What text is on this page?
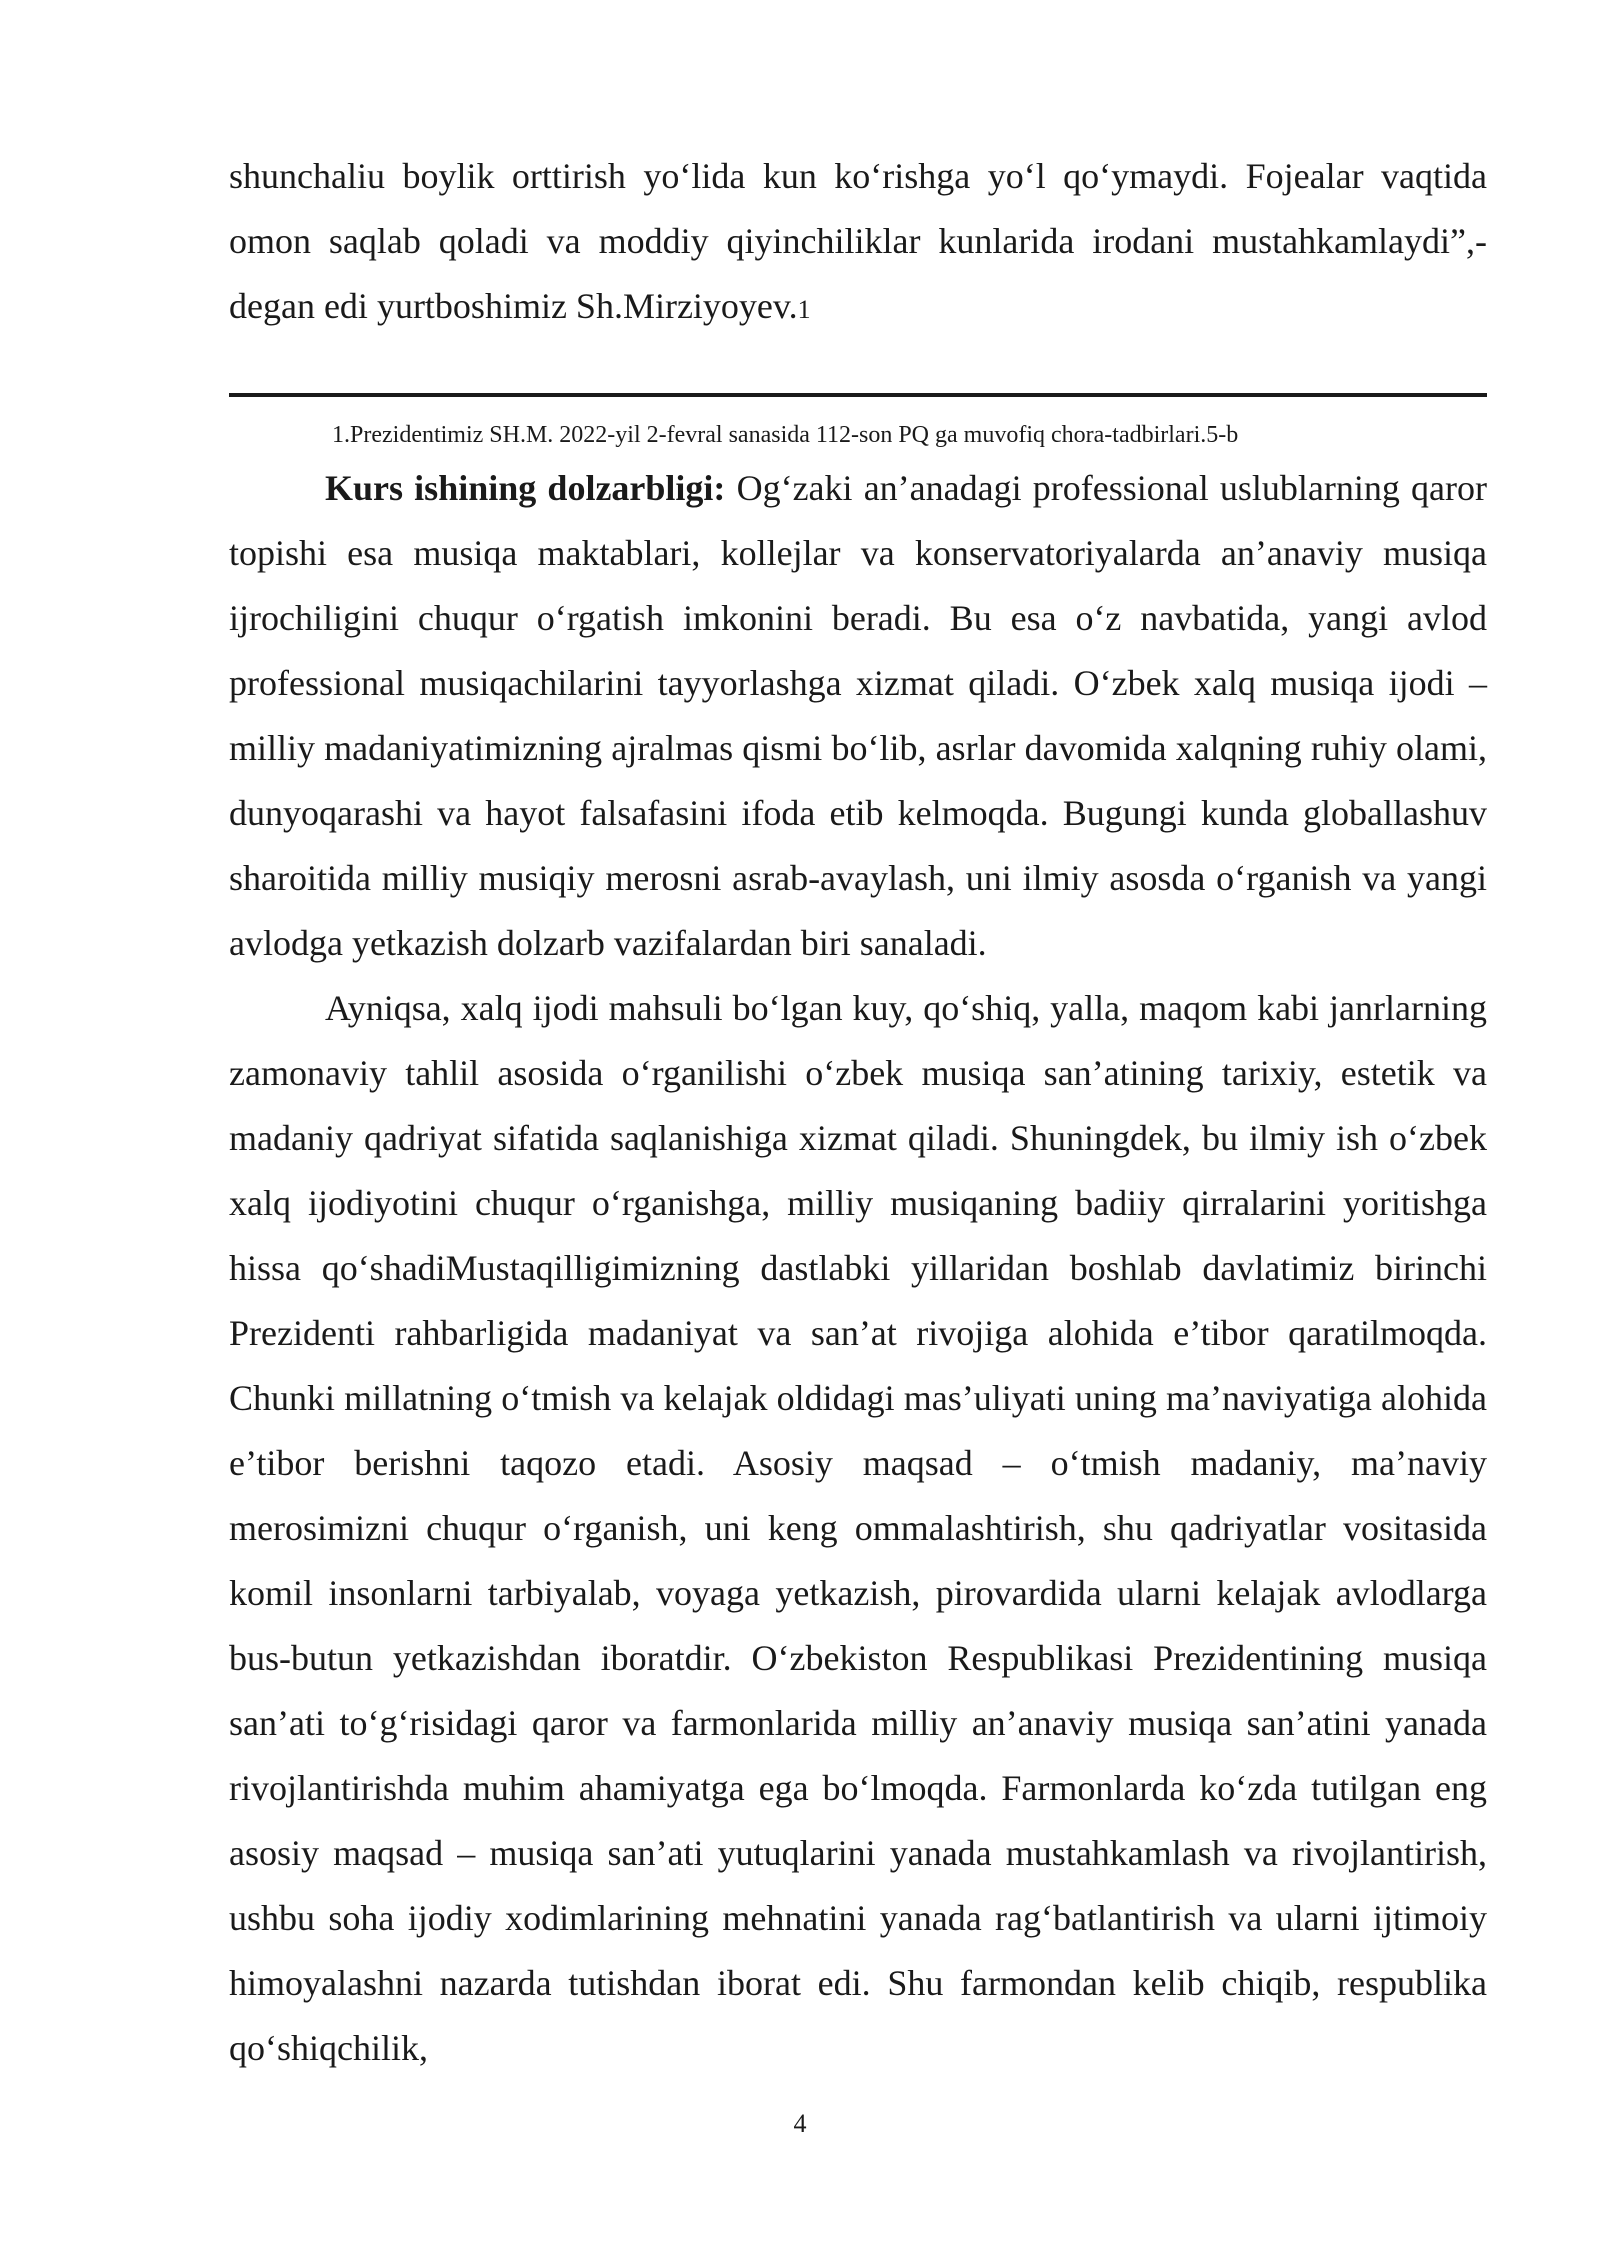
shunchaliu boylik orttirish yo‘lida kun ko‘rishga yo‘l qo‘ymaydi. Fojealar vaqtida omon saqlab qoladi va moddiy qiyinchiliklar kunlarida irodani mustahkamlaydi”,- degan edi yurtboshimiz Sh.Mirziyoyev.1

1.Prezidentimiz SH.M. 2022-yil 2-fevral sanasida 112-son PQ ga muvofiq chora-tadbirlari.5-b

Kurs ishining dolzarbligi: Og‘zaki an’anadagi professional uslublarning qaror topishi esa musiqa maktablari, kollejlar va konservatoriyalarda an’anaviy musiqa ijrochiligini chuqur o‘rgatish imkonini beradi. Bu esa o‘z navbatida, yangi avlod professional musiqachilarini tayyorlashga xizmat qiladi. O‘zbek xalq musiqa ijodi – milliy madaniyatimizning ajralmas qismi bo‘lib, asrlar davomida xalqning ruhiy olami, dunyoqarashi va hayot falsafasini ifoda etib kelmoqda. Bugungi kunda globallashuv sharoitida milliy musiqiy merosni asrab-avaylash, uni ilmiy asosda o‘rganish va yangi avlodga yetkazish dolzarb vazifalardan biri sanaladi.

Ayniqsa, xalq ijodi mahsuli bo‘lgan kuy, qo‘shiq, yalla, maqom kabi janrlarning zamonaviy tahlil asosida o‘rganilishi o‘zbek musiqa san’atining tarixiy, estetik va madaniy qadriyat sifatida saqlanishiga xizmat qiladi. Shuningdek, bu ilmiy ish o‘zbek xalq ijodiyotini chuqur o‘rganishga, milliy musiqaning badiiy qirralarini yoritishga hissa qo‘shadiMustaqilligimizning dastlabki yillaridan boshlab davlatimiz birinchi Prezidenti rahbarligida madaniyat va san’at rivojiga alohida e’tibor qaratilmoqda. Chunki millatning o‘tmish va kelajak oldidagi mas’uliyati uning ma’naviyatiga alohida e’tibor berishni taqozo etadi. Asosiy maqsad – o‘tmish madaniy, ma’naviy merosimizni chuqur o‘rganish, uni keng ommalashtirish, shu qadriyatlar vositasida komil insonlarni tarbiyalab, voyaga yetkazish, pirovardida ularni kelajak avlodlarga bus-butun yetkazishdan iboratdir. O‘zbekiston Respublikasi Prezidentining musiqa san’ati to‘g‘risidagi qaror va farmonlarida milliy an’anaviy musiqa san’atini yanada rivojlantirishda muhim ahamiyatga ega bo‘lmoqda. Farmonlarda ko‘zda tutilgan eng asosiy maqsad – musiqa san’ati yutuqlarini yanada mustahkamlash va rivojlantirish, ushbu soha ijodiy xodimlarining mehnatini yanada rag‘batlantirish va ularni ijtimoiy himoyalashni nazarda tutishdan iborat edi. Shu farmondan kelib chiqib, respublika qo‘shiqchilik,

4
